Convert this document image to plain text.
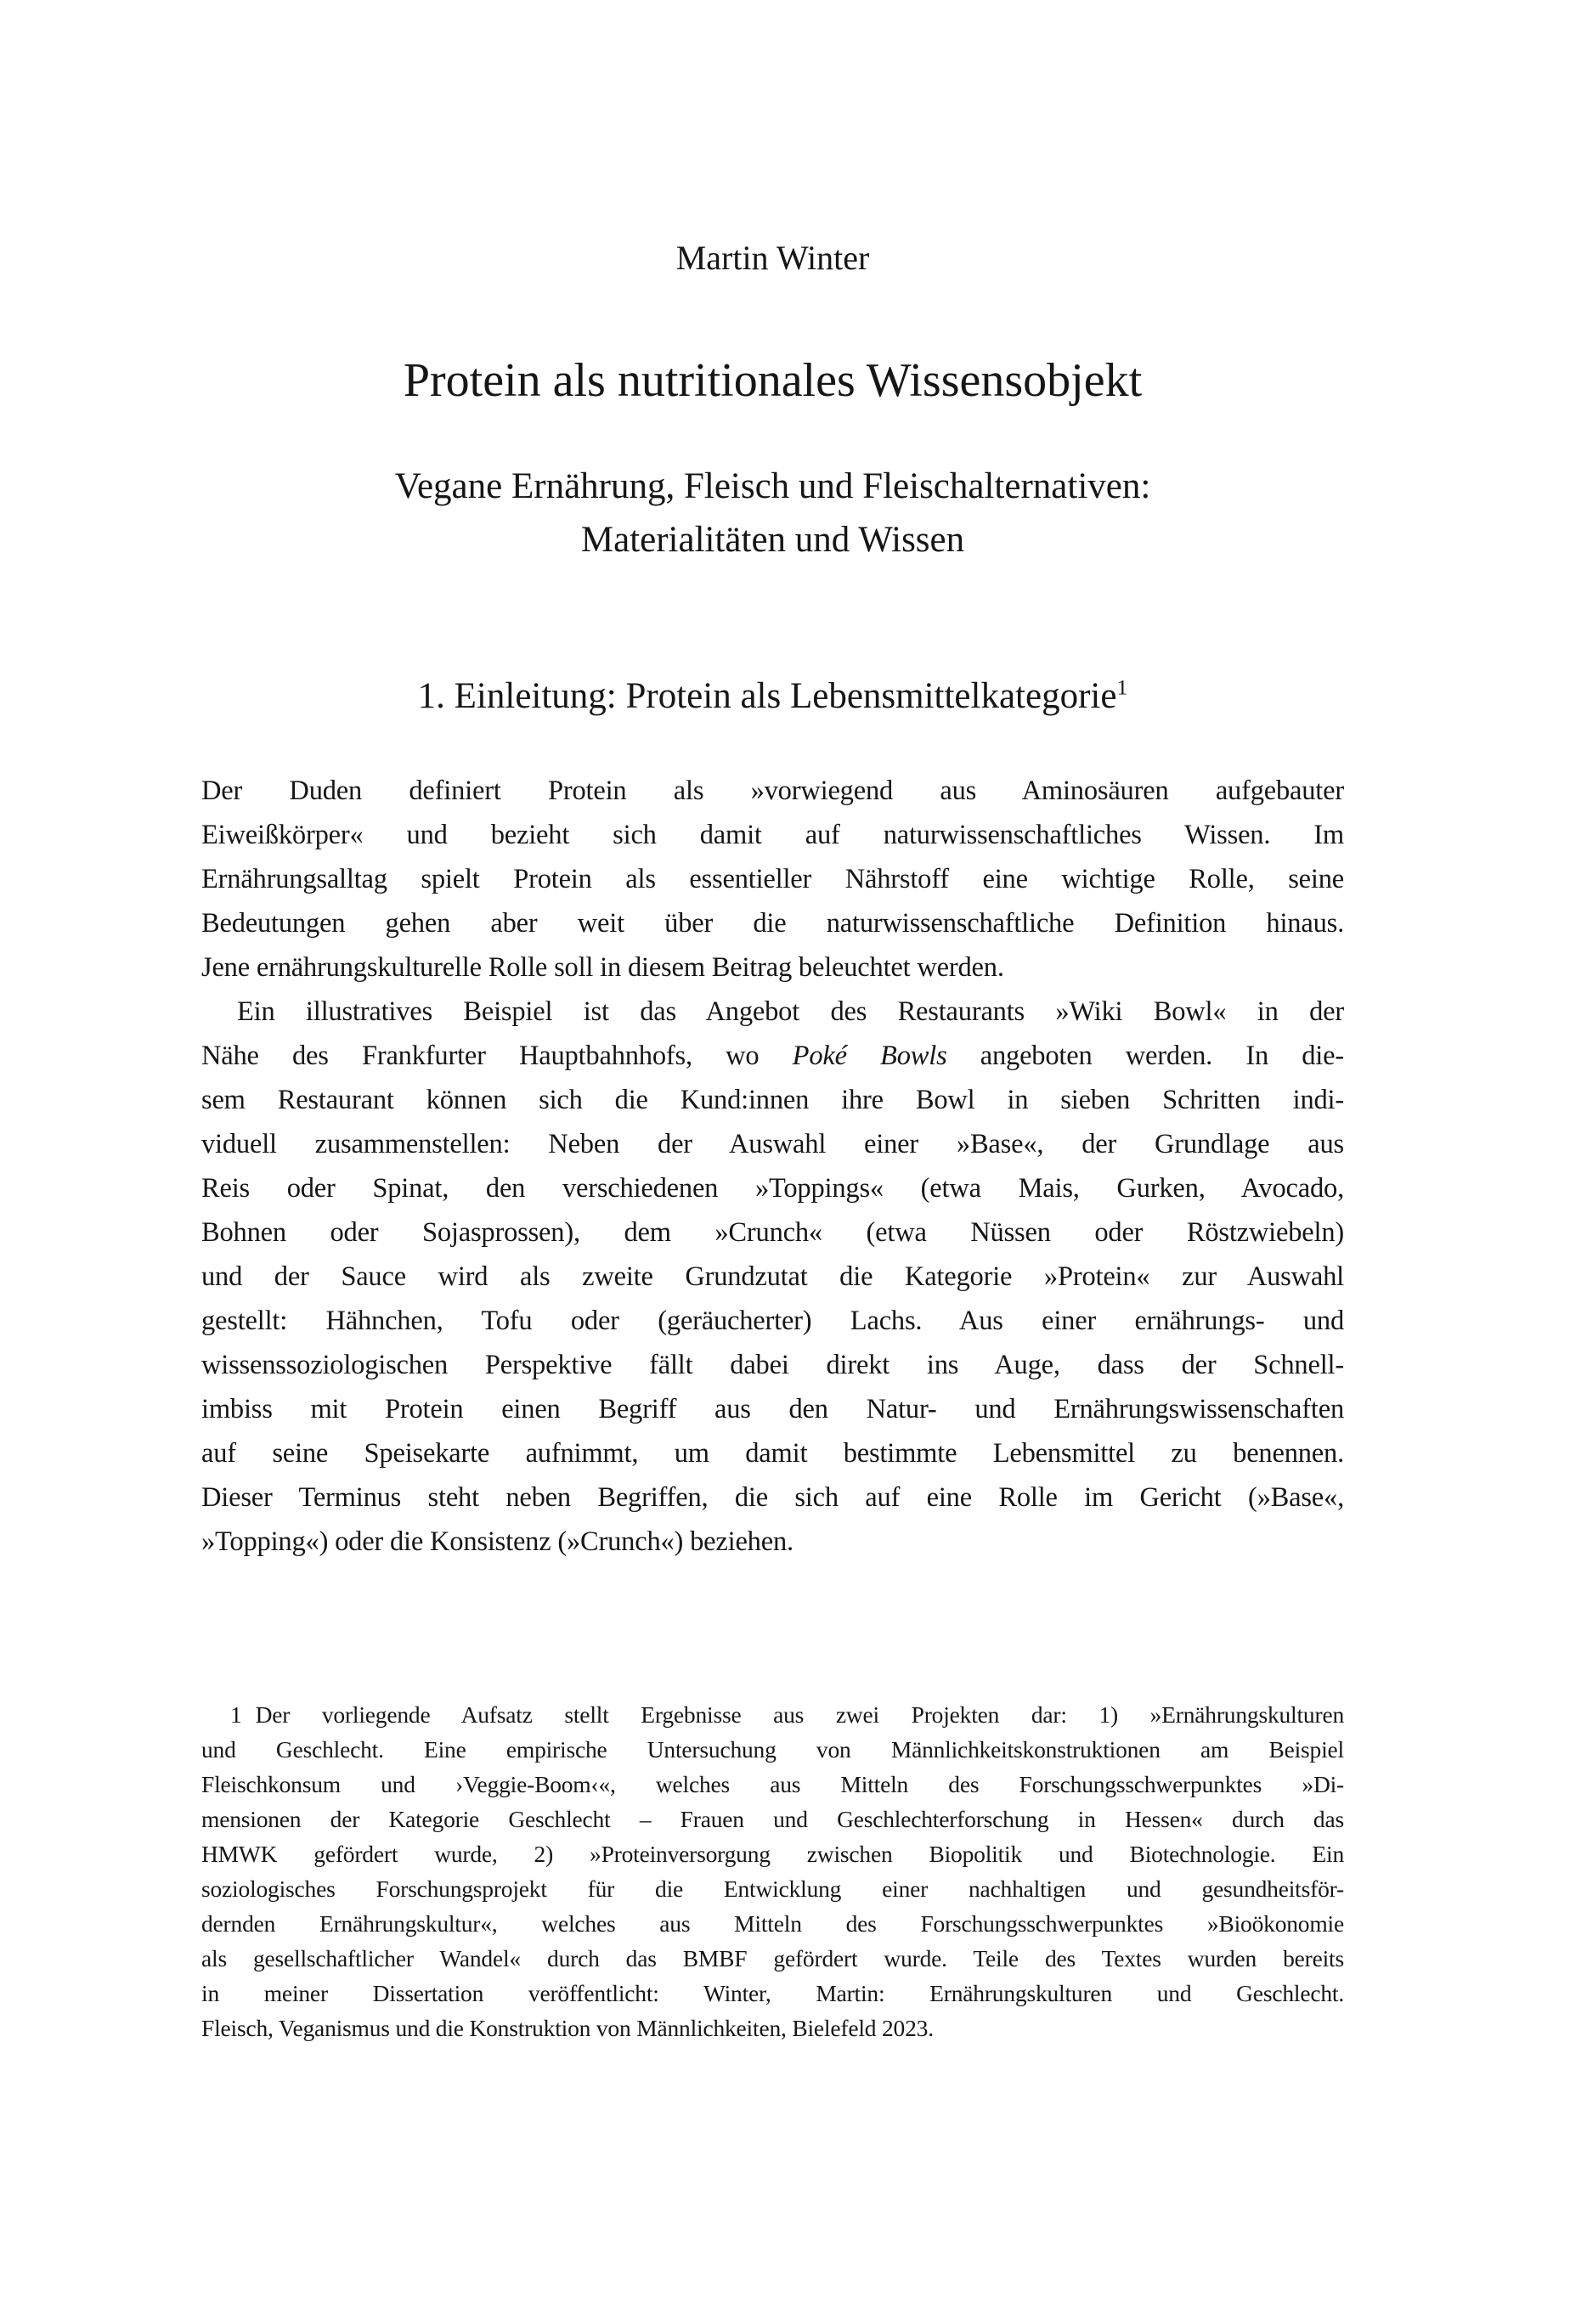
Martin Winter
Protein als nutritionales Wissensobjekt
Vegane Ernährung, Fleisch und Fleischalternativen:
Materialitäten und Wissen
1. Einleitung: Protein als Lebensmittelkategorie$^1$
Der Duden definiert Protein als »vorwiegend aus Aminosäuren aufgebauter
Eiweißkörper« und bezieht sich damit auf naturwissenschaftliches Wissen. Im
Ernährungsalltag spielt Protein als essentieller Nährstoff eine wichtige Rolle, seine
Bedeutungen gehen aber weit über die naturwissenschaftliche Definition hinaus.
Jene ernährungskulturelle Rolle soll in diesem Beitrag beleuchtet werden.
Ein illustratives Beispiel ist das Angebot des Restaurants »Wiki Bowl« in der
Nähe des Frankfurter Hauptbahnhofs, wo Poké Bowls angeboten werden. In die-
sem Restaurant können sich die Kund:innen ihre Bowl in sieben Schritten indi-
viduell zusammenstellen: Neben der Auswahl einer »Base«, der Grundlage aus
Reis oder Spinat, den verschiedenen »Toppings« (etwa Mais, Gurken, Avocado,
Bohnen oder Sojasprossen), dem »Crunch« (etwa Nüssen oder Röstzwiebeln)
und der Sauce wird als zweite Grundzutat die Kategorie »Protein« zur Auswahl
gestellt: Hähnchen, Tofu oder (geräucherter) Lachs. Aus einer ernährungs- und
wissenssoziologischen Perspektive fällt dabei direkt ins Auge, dass der Schnell-
imbiss mit Protein einen Begriff aus den Natur- und Ernährungswissenschaften
auf seine Speisekarte aufnimmt, um damit bestimmte Lebensmittel zu benennen.
Dieser Terminus steht neben Begriffen, die sich auf eine Rolle im Gericht (»Base«,
»Topping«) oder die Konsistenz (»Crunch«) beziehen.
1 Der vorliegende Aufsatz stellt Ergebnisse aus zwei Projekten dar: 1) »Ernährungskulturen
und Geschlecht. Eine empirische Untersuchung von Männlichkeitskonstruktionen am Beispiel
Fleischkonsum und ›Veggie-Boom‹«, welches aus Mitteln des Forschungsschwerpunktes »Di-
mensionen der Kategorie Geschlecht – Frauen und Geschlechterforschung in Hessen« durch das
HMWK gefördert wurde, 2) »Proteinversorgung zwischen Biopolitik und Biotechnologie. Ein
soziologisches Forschungsprojekt für die Entwicklung einer nachhaltigen und gesundheitsför-
dernden Ernährungskultur«, welches aus Mitteln des Forschungsschwerpunktes »Bioökonomie
als gesellschaftlicher Wandel« durch das BMBF gefördert wurde. Teile des Textes wurden bereits
in meiner Dissertation veröffentlicht: Winter, Martin: Ernährungskulturen und Geschlecht.
Fleisch, Veganismus und die Konstruktion von Männlichkeiten, Bielefeld 2023.
